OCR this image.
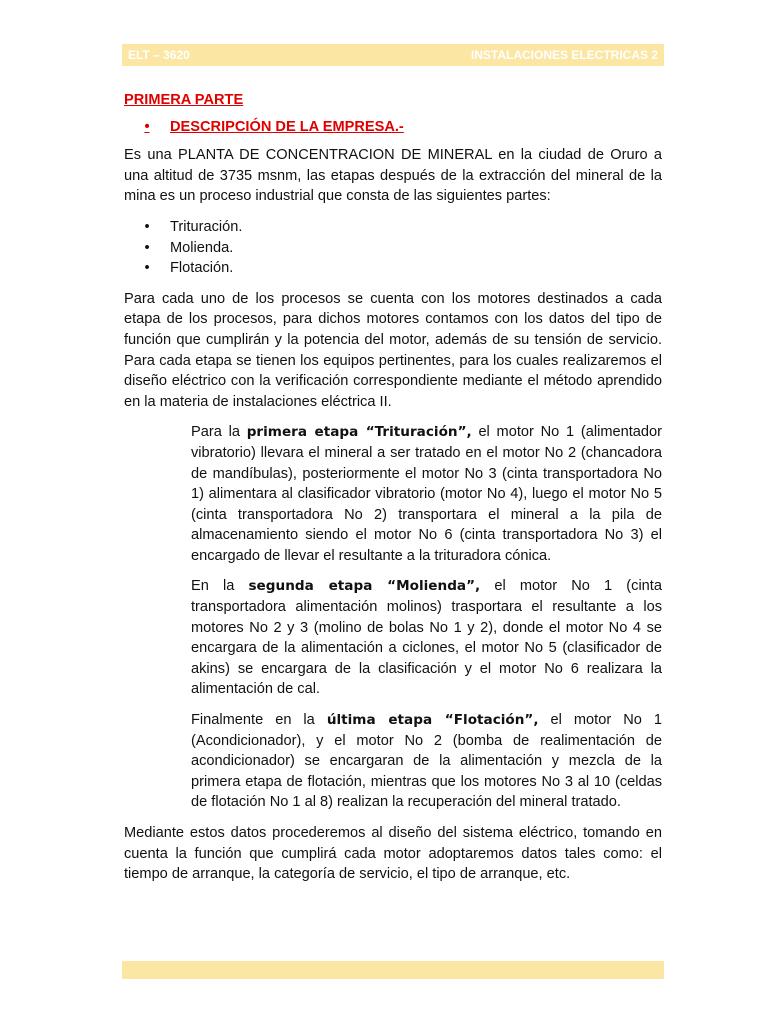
ELT – 3620	INSTALACIONES ELECTRICAS 2
PRIMERA PARTE
•	DESCRIPCIÓN DE LA EMPRESA.-

Es una PLANTA DE CONCENTRACION DE MINERAL en la ciudad de Oruro a una altitud de 3735 msnm, las etapas después de la extracción del mineral de la mina es un proceso industrial que consta de las siguientes partes:

•	Trituración.
•	Molienda.
•	Flotación.

Para cada uno de los procesos se cuenta con los motores destinados a cada etapa de los procesos, para dichos motores contamos con los datos del tipo de función que cumplirán y la potencia del motor, además de su tensión de servicio. Para cada etapa se tienen los equipos pertinentes, para los cuales realizaremos el diseño eléctrico con la verificación correspondiente mediante el método aprendido en la materia de instalaciones eléctrica II.

Para la primera etapa “Trituración”, el motor No 1 (alimentador vibratorio) llevara el mineral a ser tratado en el motor No 2 (chancadora de mandíbulas), posteriormente el motor No 3 (cinta transportadora No 1) alimentara al clasificador vibratorio (motor No 4), luego el motor No 5 (cinta transportadora No 2) transportara el mineral a la pila de almacenamiento siendo el motor No 6 (cinta transportadora No 3) el encargado de llevar el resultante a la trituradora cónica.

En la segunda etapa “Molienda”, el motor No 1 (cinta transportadora alimentación molinos) trasportara el resultante a los motores No 2 y 3 (molino de bolas No 1 y 2), donde el motor No 4 se encargara de la alimentación a ciclones, el motor No 5 (clasificador de akins) se encargara de la clasificación y el motor No 6 realizara la alimentación de cal.

Finalmente en la última etapa “Flotación”, el motor No 1 (Acondicionador), y el motor No 2 (bomba de realimentación de acondicionador) se encargaran de la alimentación y mezcla de la primera etapa de flotación, mientras que los motores No 3 al 10 (celdas de flotación No 1 al 8) realizan la recuperación del mineral tratado.

Mediante estos datos procederemos al diseño del sistema eléctrico, tomando en cuenta la función que cumplirá cada motor adoptaremos datos tales como: el tiempo de arranque, la categoría de servicio, el tipo de arranque, etc.
